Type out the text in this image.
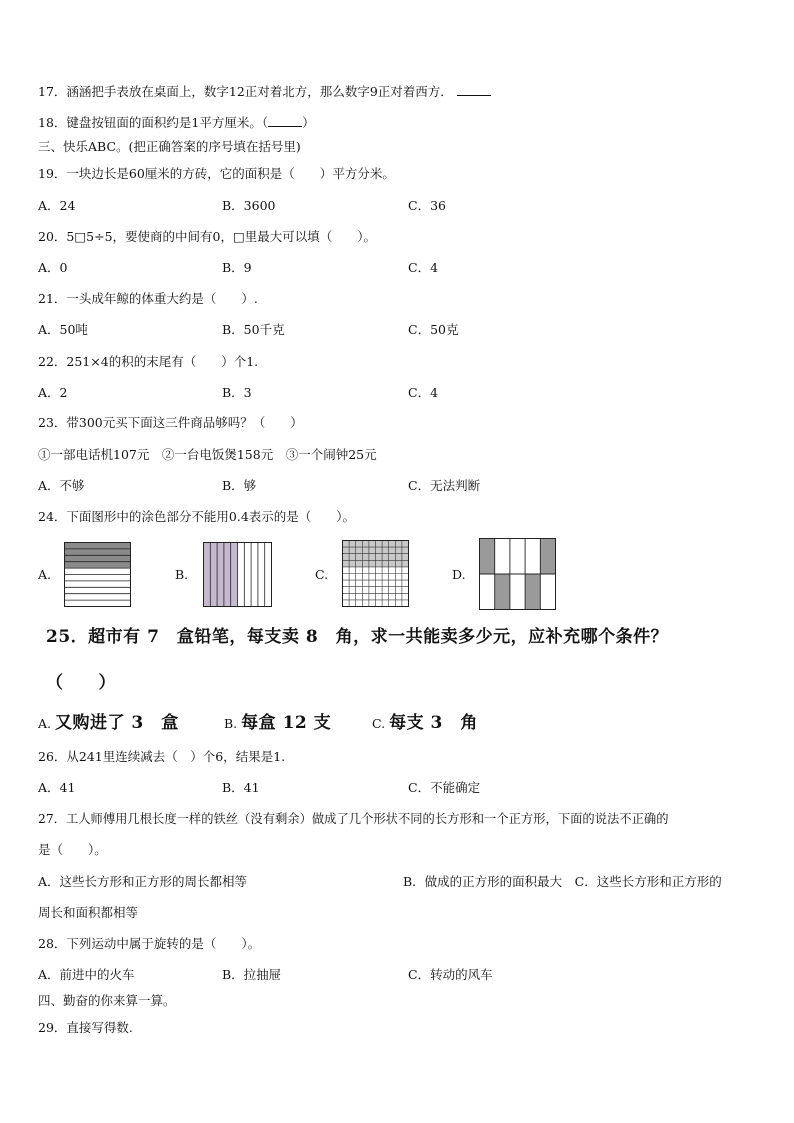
17．涵涵把手表放在桌面上，数字12正对着北方，那么数字9正对着西方．
18．键盘按钮面的面积约是1平方厘米。（	）
三、快乐ABC。(把正确答案的序号填在括号里)
19．一块边长是60厘米的方砖，它的面积是（　　）平方分米。
A．24	B．3600	C．36
20．5□5÷5，要使商的中间有0，□里最大可以填（　　）。
A．0	B．9	C．4
21．一头成年鲸的体重大约是（　　）.
A．50吨	B．50千克	C．50克
22．251×4的积的末尾有（　　）个1.
A．2	B．3	C．4
23．带300元买下面这三件商品够吗？（　　）
①一部电话机107元　②一台电饭煲158元　③一个闹钟25元
A．不够	B．够	C．无法判断
24．下面图形中的涂色部分不能用0.4表示的是（　　）。
A.	B.	C.	D.
25．超市有 7　盒铅笔，每支卖 8　角，求一共能卖多少元，应补充哪个条件？
（　　）
A. 又购进了 3　盒	B. 每盒 12 支	C. 每支 3　角
26．从241里连续减去（　）个6，结果是1.
A．41	B．41	C．不能确定
27．工人师傅用几根长度一样的铁丝（没有剩余）做成了几个形状不同的长方形和一个正方形，下面的说法不正确的
是（　　）。
A．这些长方形和正方形的周长都相等	B．做成的正方形的面积最大　C．这些长方形和正方形的
周长和面积都相等
28．下列运动中属于旋转的是（　　）。
A．前进中的火车	B．拉抽屉	C．转动的风车
四、勤奋的你来算一算。
29．直接写得数.
